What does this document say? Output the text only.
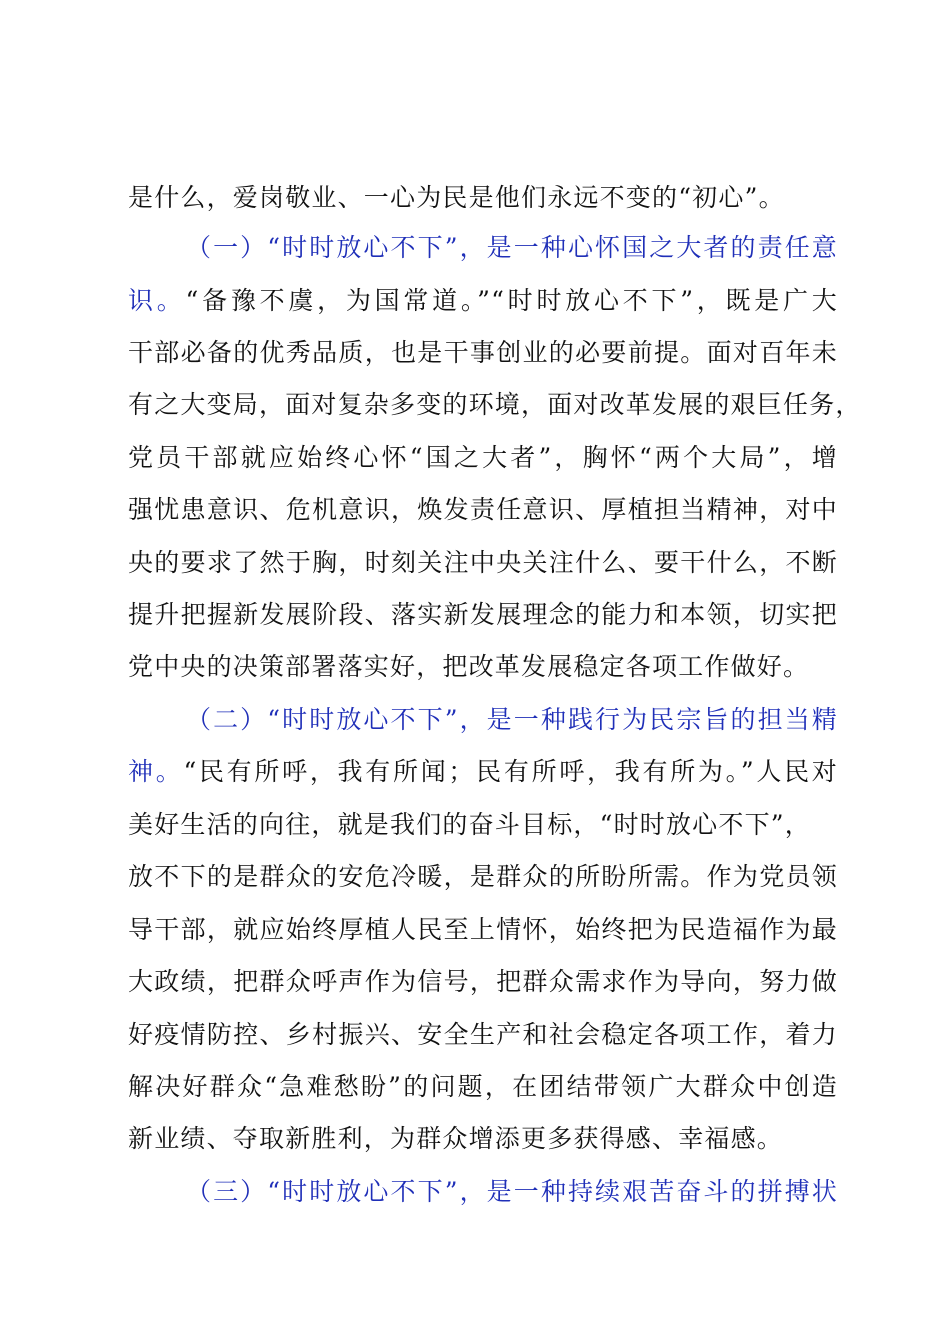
是什么，爱岗敬业、一心为民是他们永远不变的“初心”。
（一）“时时放心不下”，是一种心怀国之大者的责任意
识。“备豫不虞，为国常道。”“时时放心不下”，既是广大
干部必备的优秀品质，也是干事创业的必要前提。面对百年未
有之大变局，面对复杂多变的环境，面对改革发展的艰巨任务，
党员干部就应始终心怀“国之大者”，胸怀“两个大局”，增
强忧患意识、危机意识，焕发责任意识、厚植担当精神，对中
央的要求了然于胸，时刻关注中央关注什么、要干什么，不断
提升把握新发展阶段、落实新发展理念的能力和本领，切实把
党中央的决策部署落实好，把改革发展稳定各项工作做好。
（二）“时时放心不下”，是一种践行为民宗旨的担当精
神。“民有所呼，我有所闻；民有所呼，我有所为。”人民对
美好生活的向往，就是我们的奋斗目标，“时时放心不下”，
放不下的是群众的安危冷暖，是群众的所盼所需。作为党员领
导干部，就应始终厚植人民至上情怀，始终把为民造福作为最
大政绩，把群众呼声作为信号，把群众需求作为导向，努力做
好疫情防控、乡村振兴、安全生产和社会稳定各项工作，着力
解决好群众“急难愁盼”的问题，在团结带领广大群众中创造
新业绩、夺取新胜利，为群众增添更多获得感、幸福感。
（三）“时时放心不下”，是一种持续艰苦奋斗的拼搏状
